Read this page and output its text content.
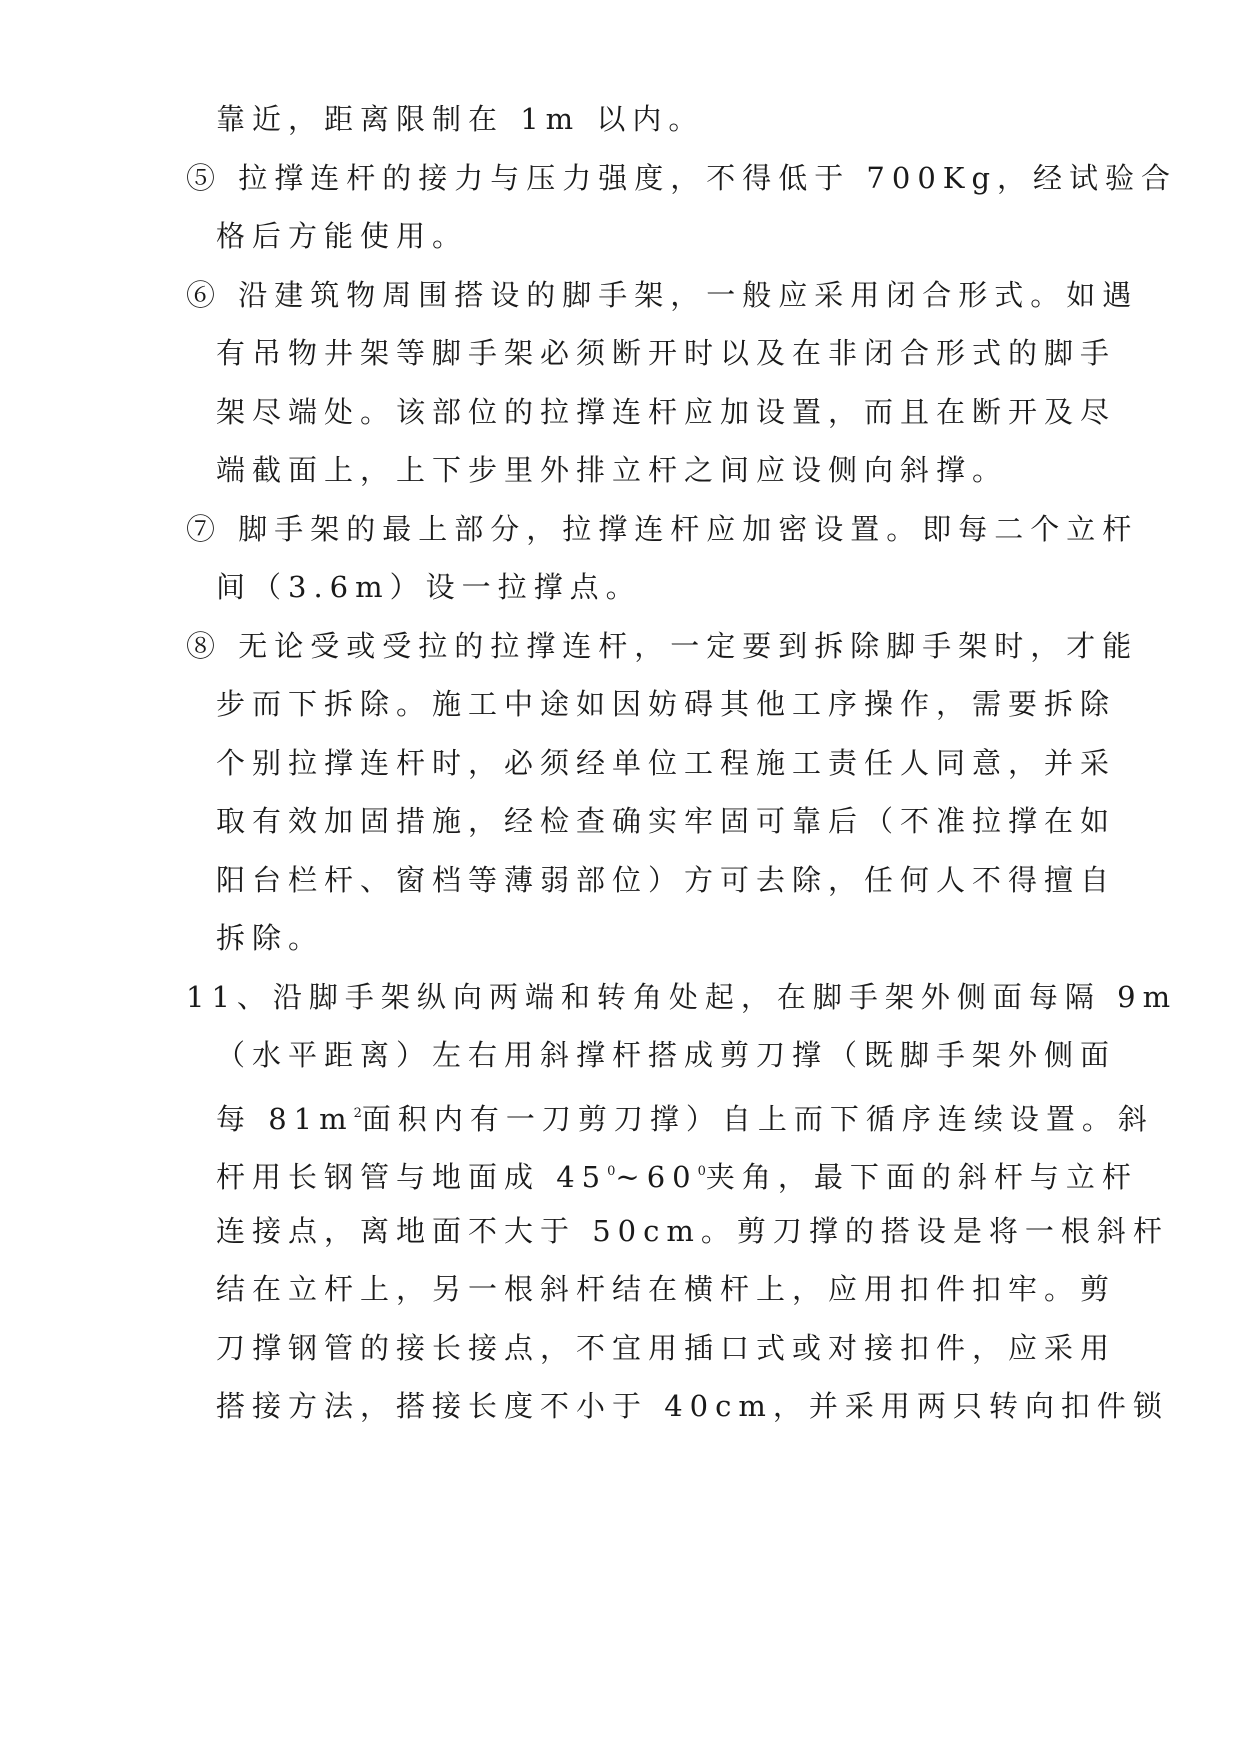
靠近，距离限制在 1m 以内。
⑤ 拉撑连杆的接力与压力强度，不得低于 700Kg，经试验合
格后方能使用。
⑥ 沿建筑物周围搭设的脚手架，一般应采用闭合形式。如遇
有吊物井架等脚手架必须断开时以及在非闭合形式的脚手
架尽端处。该部位的拉撑连杆应加设置，而且在断开及尽
端截面上，上下步里外排立杆之间应设侧向斜撑。
⑦ 脚手架的最上部分，拉撑连杆应加密设置。即每二个立杆
间（3.6m）设一拉撑点。
⑧ 无论受或受拉的拉撑连杆，一定要到拆除脚手架时，才能
步而下拆除。施工中途如因妨碍其他工序操作，需要拆除
个别拉撑连杆时，必须经单位工程施工责任人同意，并采
取有效加固措施，经检查确实牢固可靠后（不准拉撑在如
阳台栏杆、窗档等薄弱部位）方可去除，任何人不得擅自
拆除。
11、沿脚手架纵向两端和转角处起，在脚手架外侧面每隔 9m
（水平距离）左右用斜撑杆搭成剪刀撑（既脚手架外侧面
每 $81m^2$面积内有一刀剪刀撑）自上而下循序连续设置。斜
杆用长钢管与地面成 $45^0\sim 60^0$夹角，最下面的斜杆与立杆
连接点，离地面不大于 50cm。剪刀撑的搭设是将一根斜杆
结在立杆上，另一根斜杆结在横杆上，应用扣件扣牢。剪
刀撑钢管的接长接点，不宜用插口式或对接扣件，应采用
搭接方法，搭接长度不小于 40cm，并采用两只转向扣件锁
